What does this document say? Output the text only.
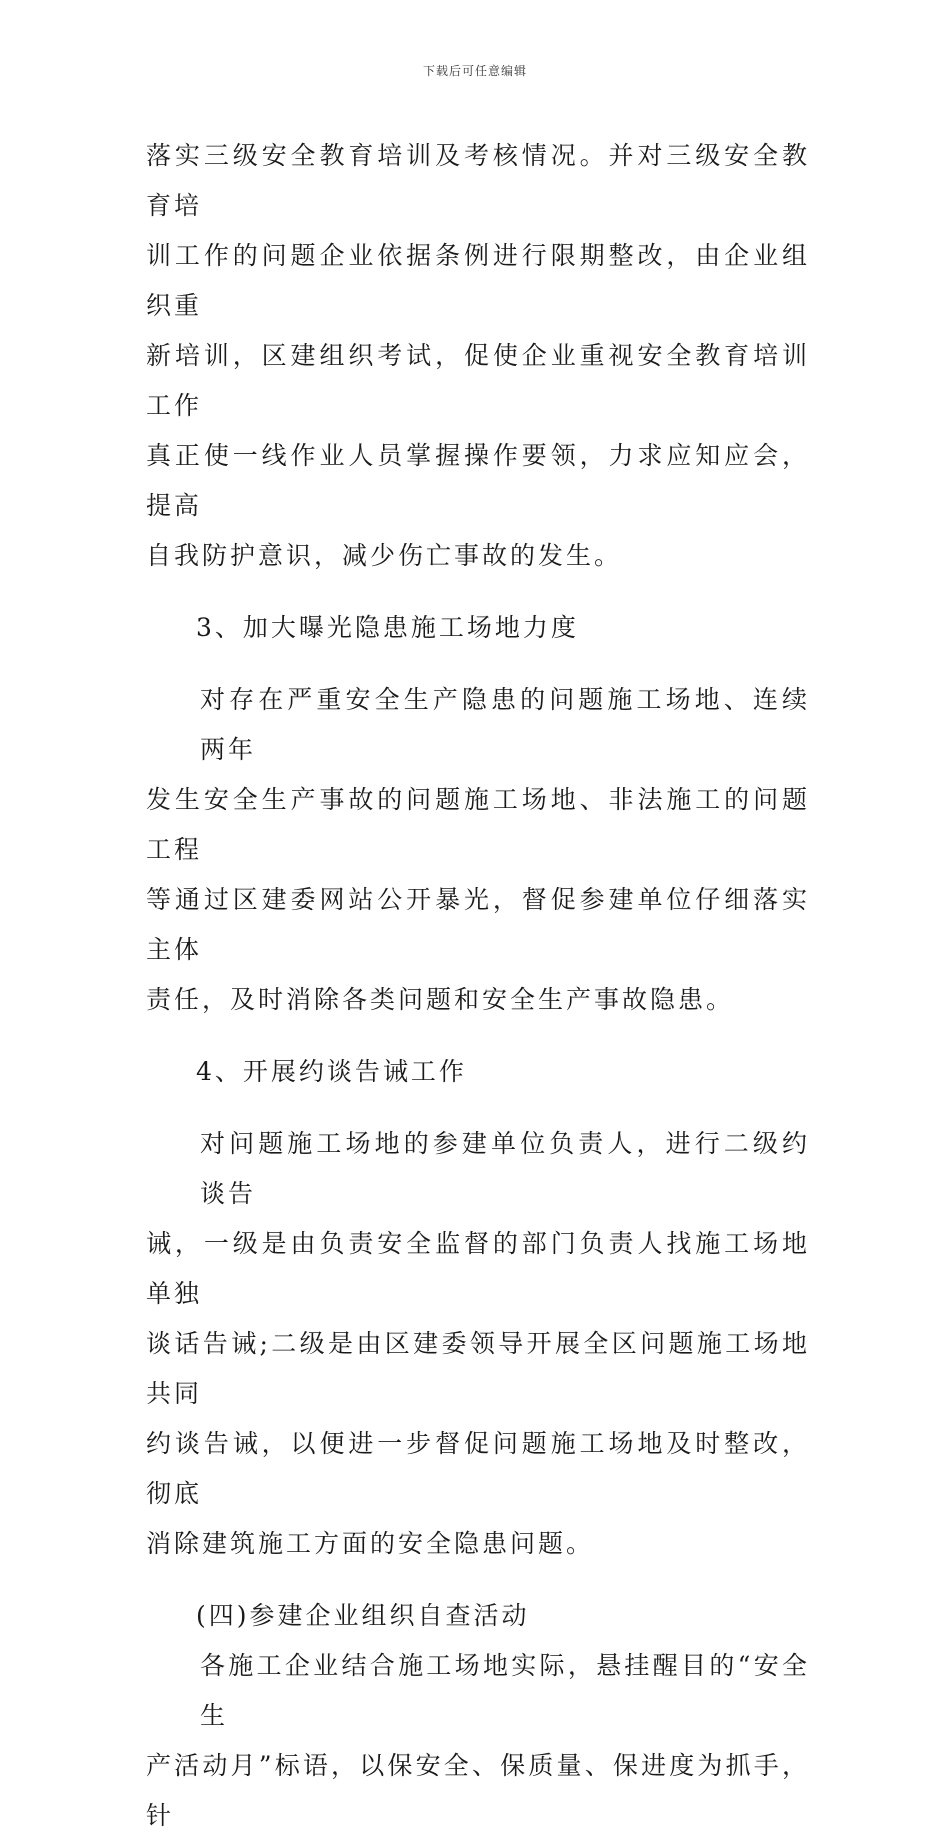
下载后可任意编辑
落实三级安全教育培训及考核情况。并对三级安全教育培
训工作的问题企业依据条例进行限期整改，由企业组织重
新培训，区建组织考试，促使企业重视安全教育培训工作
真正使一线作业人员掌握操作要领，力求应知应会，提高
自我防护意识，减少伤亡事故的发生。
3、加大曝光隐患施工场地力度
对存在严重安全生产隐患的问题施工场地、连续两年
发生安全生产事故的问题施工场地、非法施工的问题工程
等通过区建委网站公开暴光，督促参建单位仔细落实主体
责任，及时消除各类问题和安全生产事故隐患。
4、开展约谈告诫工作
对问题施工场地的参建单位负责人，进行二级约谈告
诫，一级是由负责安全监督的部门负责人找施工场地单独
谈话告诫;二级是由区建委领导开展全区问题施工场地共同
约谈告诫，以便进一步督促问题施工场地及时整改，彻底
消除建筑施工方面的安全隐患问题。
(四)参建企业组织自查活动
各施工企业结合施工场地实际，悬挂醒目的“安全生
产活动月”标语，以保安全、保质量、保进度为抓手，针
